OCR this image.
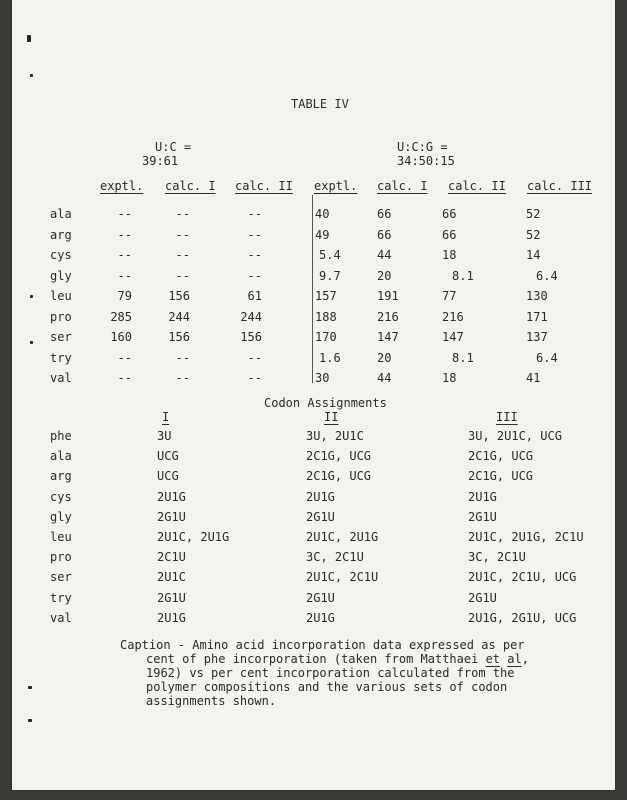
TABLE IV
U:C =
39:61
U:C:G =
34:50:15
exptl.	calc. I	calc. II	exptl.	calc. I	calc. II	calc. III
ala	--	--	--	40	66	66	52
arg	--	--	--	49	66	66	52
cys	--	--	--	5.4	44	18	14
gly	--	--	--	9.7	20	8.1	6.4
leu	79	156	61	157	191	77	130
pro	285	244	244	188	216	216	171
ser	160	156	156	170	147	147	137
try	--	--	--	1.6	20	8.1	6.4
val	--	--	--	30	44	18	41
Codon Assignments
I	II	III
phe	3U	3U, 2U1C	3U, 2U1C, UCG
ala	UCG	2C1G, UCG	2C1G, UCG
arg	UCG	2C1G, UCG	2C1G, UCG
cys	2U1G	2U1G	2U1G
gly	2G1U	2G1U	2G1U
leu	2U1C, 2U1G	2U1C, 2U1G	2U1C, 2U1G, 2C1U
pro	2C1U	3C, 2C1U	3C, 2C1U
ser	2U1C	2U1C, 2C1U	2U1C, 2C1U, UCG
try	2G1U	2G1U	2G1U
val	2U1G	2U1G	2U1G, 2G1U, UCG
Caption - Amino acid incorporation data expressed as per
cent of phe incorporation (taken from Matthaei et al,
1962) vs per cent incorporation calculated from the
polymer compositions and the various sets of codon
assignments shown.
